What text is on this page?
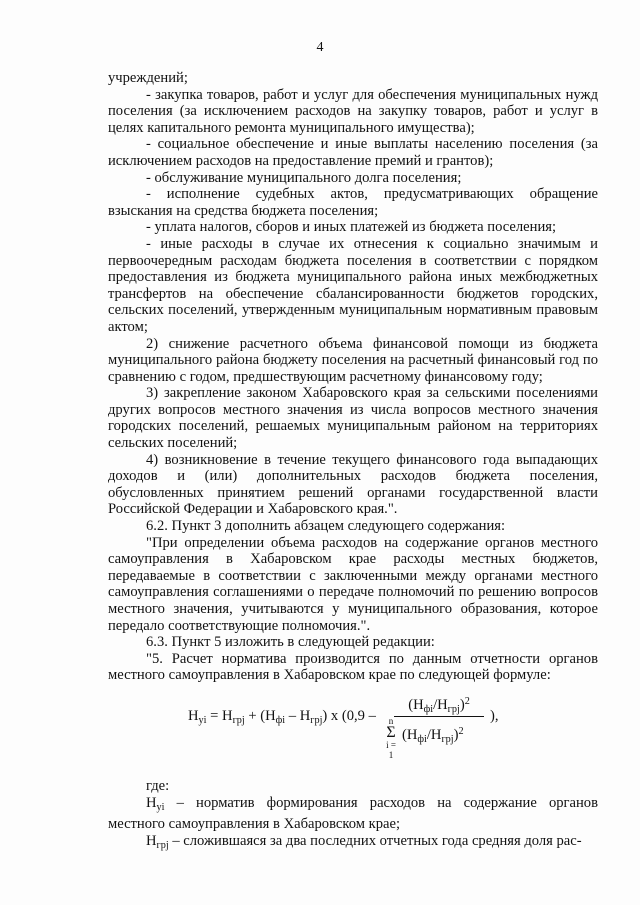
4

учреждений;

- закупка товаров, работ и услуг для обеспечения муниципальных нужд поселения (за исключением расходов на закупку товаров, работ и услуг в целях капитального ремонта муниципального имущества);

- социальное обеспечение и иные выплаты населению поселения (за исключением расходов на предоставление премий и грантов);

- обслуживание муниципального долга поселения;

- исполнение судебных актов, предусматривающих обращение взыскания на средства бюджета поселения;

- уплата налогов, сборов и иных платежей из бюджета поселения;

- иные расходы в случае их отнесения к социально значимым и первоочередным расходам бюджета поселения в соответствии с порядком предоставления из бюджета муниципального района иных межбюджетных трансфертов на обеспечение сбалансированности бюджетов городских, сельских поселений, утвержденным муниципальным нормативным правовым актом;

2) снижение расчетного объема финансовой помощи из бюджета муниципального района бюджету поселения на расчетный финансовый год по сравнению с годом, предшествующим расчетному финансовому году;

3) закрепление законом Хабаровского края за сельскими поселениями других вопросов местного значения из числа вопросов местного значения городских поселений, решаемых муниципальным районом на территориях сельских поселений;

4) возникновение в течение текущего финансового года выпадающих доходов и (или) дополнительных расходов бюджета поселения, обусловленных принятием решений органами государственной власти Российской Федерации и Хабаровского края.".

6.2. Пункт 3 дополнить абзацем следующего содержания:

"При определении объема расходов на содержание органов местного самоуправления в Хабаровском крае расходы местных бюджетов, передаваемые в соответствии с заключенными между органами местного самоуправления соглашениями о передаче полномочий по решению вопросов местного значения, учитываются у муниципального образования, которое передало соответствующие полномочия.".

6.3. Пункт 5 изложить в следующей редакции:

"5. Расчет норматива производится по данным отчетности органов местного самоуправления в Хабаровском крае по следующей формуле:

$Н_{yi} = Н_{грj} + (Н_{фi} - Н_{грj})$ х (0,9 –
$(Н_{фi}/Н_{грj})^2$
n
Σ
i = 1
$(Н_{фi}/Н_{грj})^2$
),

где:

$Н_{yi}$ – норматив формирования расходов на содержание органов местного самоуправления в Хабаровском крае;

$Н_{грj}$ – сложившаяся за два последних отчетных года средняя доля рас-
